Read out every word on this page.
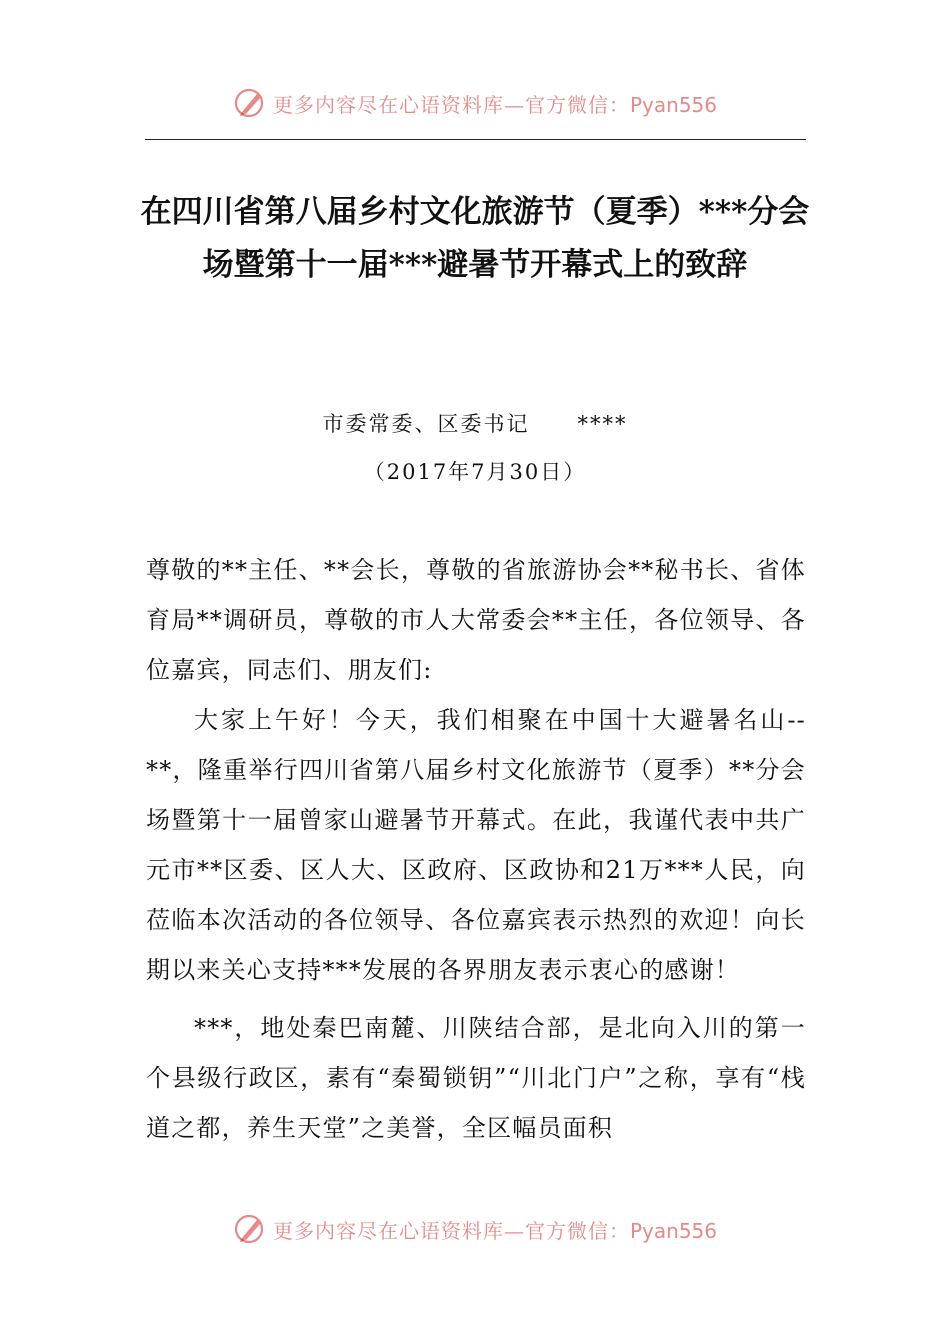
更多内容尽在心语资料库—官方微信：Pyan556
在四川省第八届乡村文化旅游节（夏季）***分会场暨第十一届***避暑节开幕式上的致辞
市委常委、区委书记 ****
（2017年7月30日）

尊敬的**主任、**会长，尊敬的省旅游协会**秘书长、省体育局**调研员，尊敬的市人大常委会**主任，各位领导、各位嘉宾，同志们、朋友们:

大家上午好！今天，我们相聚在中国十大避暑名山--**，隆重举行四川省第八届乡村文化旅游节（夏季）**分会场暨第十一届曾家山避暑节开幕式。在此，我谨代表中共广元市**区委、区人大、区政府、区政协和21万***人民，向莅临本次活动的各位领导、各位嘉宾表示热烈的欢迎！向长期以来关心支持***发展的各界朋友表示衷心的感谢！

***，地处秦巴南麓、川陕结合部，是北向入川的第一个县级行政区，素有“秦蜀锁钥”“川北门户”之称，享有“栈道之都，养生天堂”之美誉，全区幅员面积

更多内容尽在心语资料库—官方微信：Pyan556
